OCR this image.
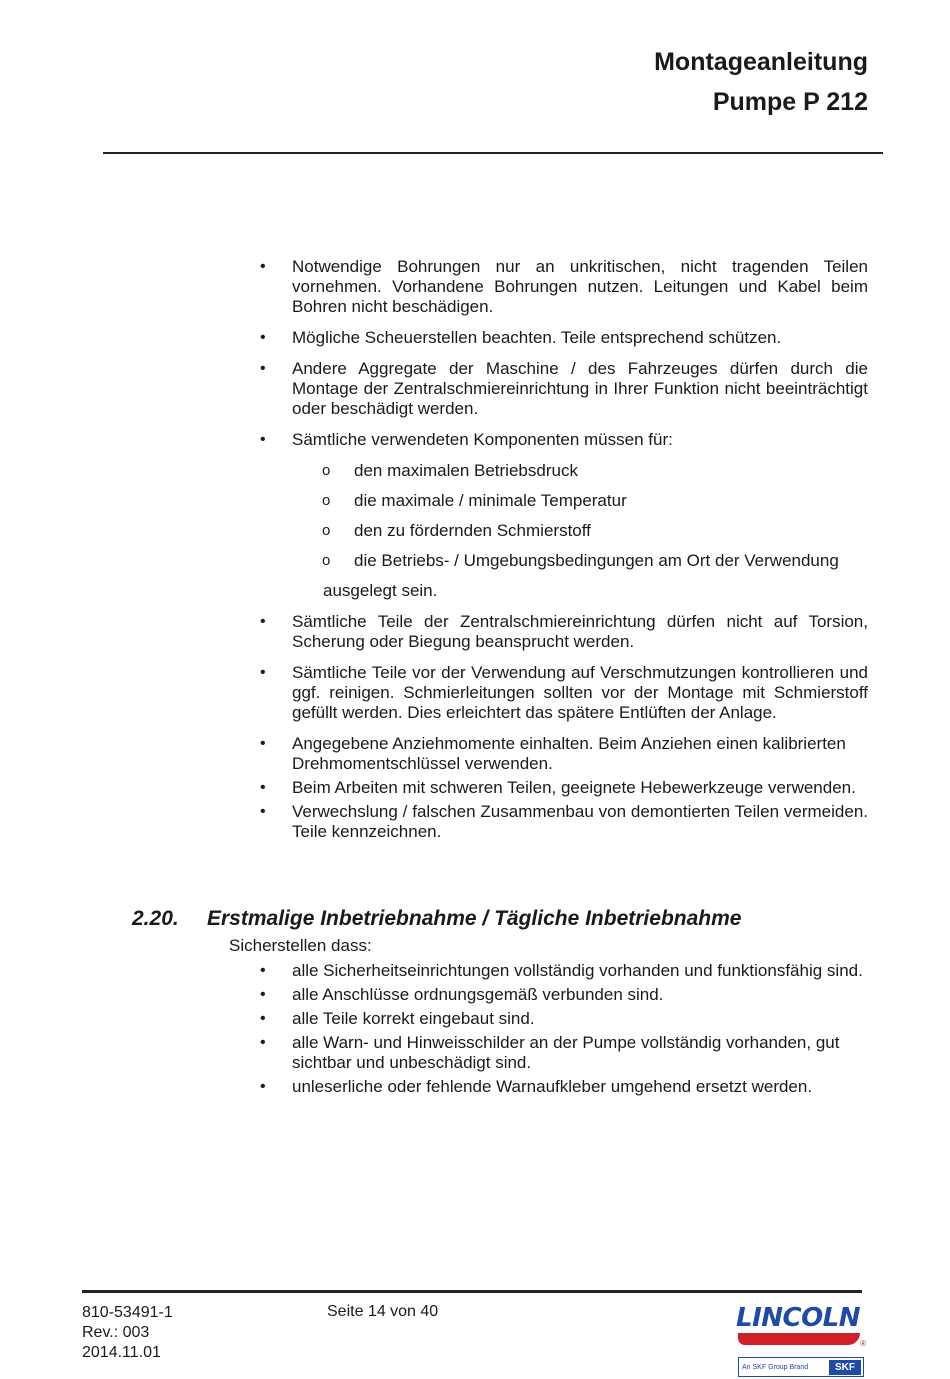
Montageanleitung
Pumpe P 212
• Notwendige Bohrungen nur an unkritischen, nicht tragenden Teilen vornehmen. Vorhandene Bohrungen nutzen. Leitungen und Kabel beim Bohren nicht beschädigen.
• Mögliche Scheuerstellen beachten. Teile entsprechend schützen.
• Andere Aggregate der Maschine / des Fahrzeuges dürfen durch die Montage der Zentralschmiereinrichtung in Ihrer Funktion nicht beeinträchtigt oder beschädigt werden.
• Sämtliche verwendeten Komponenten müssen für:
o den maximalen Betriebsdruck
o die maximale / minimale Temperatur
o den zu fördernden Schmierstoff
o die Betriebs- / Umgebungsbedingungen am Ort der Verwendung
ausgelegt sein.
• Sämtliche Teile der Zentralschmiereinrichtung dürfen nicht auf Torsion, Scherung oder Biegung beansprucht werden.
• Sämtliche Teile vor der Verwendung auf Verschmutzungen kontrollieren und ggf. reinigen. Schmierleitungen sollten vor der Montage mit Schmierstoff gefüllt werden. Dies erleichtert das spätere Entlüften der Anlage.
• Angegebene Anziehmomente einhalten. Beim Anziehen einen kalibrierten Drehmomentschlüssel verwenden.
• Beim Arbeiten mit schweren Teilen, geeignete Hebewerkzeuge verwenden.
• Verwechslung / falschen Zusammenbau von demontierten Teilen vermeiden. Teile kennzeichnen.
2.20. Erstmalige Inbetriebnahme / Tägliche Inbetriebnahme
Sicherstellen dass:
• alle Sicherheitseinrichtungen vollständig vorhanden und funktionsfähig sind.
• alle Anschlüsse ordnungsgemäß verbunden sind.
• alle Teile korrekt eingebaut sind.
• alle Warn- und Hinweisschilder an der Pumpe vollständig vorhanden, gut sichtbar und unbeschädigt sind.
• unleserliche oder fehlende Warnaufkleber umgehend ersetzt werden.
810-53491-1
Rev.: 003
2014.11.01
Seite 14 von 40	LINCOLN
®
An SKF Group Brand	SKF
